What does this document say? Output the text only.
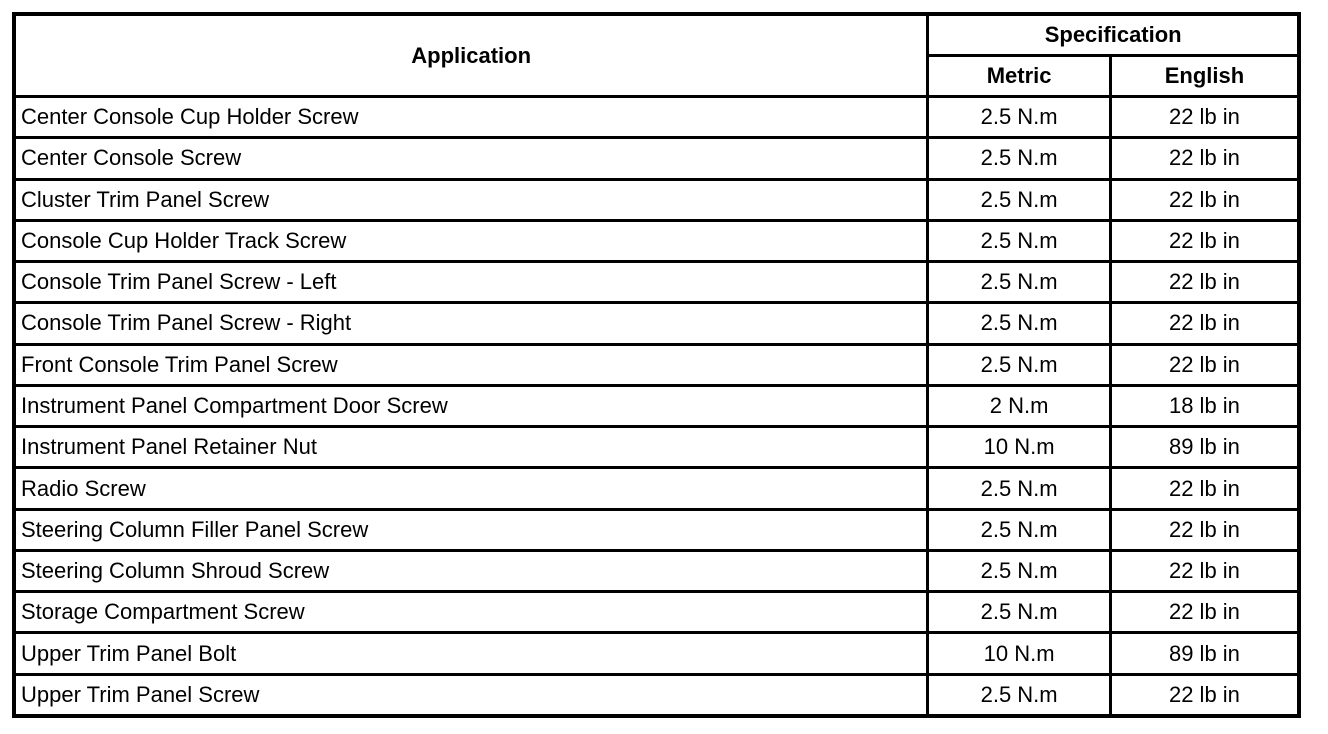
Application	Specification	
	Metric	English
Center Console Cup Holder Screw	2.5 N.m	22 lb in
Center Console Screw	2.5 N.m	22 lb in
Cluster Trim Panel Screw	2.5 N.m	22 lb in
Console Cup Holder Track Screw	2.5 N.m	22 lb in
Console Trim Panel Screw - Left	2.5 N.m	22 lb in
Console Trim Panel Screw - Right	2.5 N.m	22 lb in
Front Console Trim Panel Screw	2.5 N.m	22 lb in
Instrument Panel Compartment Door Screw	2 N.m	18 lb in
Instrument Panel Retainer Nut	10 N.m	89 lb in
Radio Screw	2.5 N.m	22 lb in
Steering Column Filler Panel Screw	2.5 N.m	22 lb in
Steering Column Shroud Screw	2.5 N.m	22 lb in
Storage Compartment Screw	2.5 N.m	22 lb in
Upper Trim Panel Bolt	10 N.m	89 lb in
Upper Trim Panel Screw	2.5 N.m	22 lb in
